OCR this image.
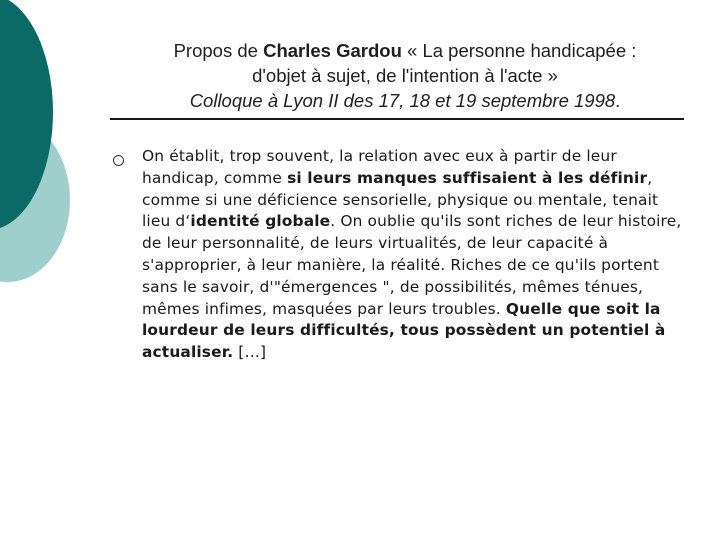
Propos de Charles Gardou « La personne handicapée :
d'objet à sujet, de l'intention à l'acte »
Colloque à Lyon II des 17, 18 et 19 septembre 1998.
On établit, trop souvent, la relation avec eux à partir de leur handicap, comme si leurs manques suffisaient à les définir, comme si une déficience sensorielle, physique ou mentale, tenait lieu d‘identité globale. On oublie qu'ils sont riches de leur histoire, de leur personnalité, de leurs virtualités, de leur capacité à s'approprier, à leur manière, la réalité. Riches de ce qu'ils portent sans le savoir, d'"émergences ", de possibilités, mêmes ténues, mêmes infimes, masquées par leurs troubles. Quelle que soit la lourdeur de leurs difficultés, tous possèdent un potentiel à actualiser. […]
